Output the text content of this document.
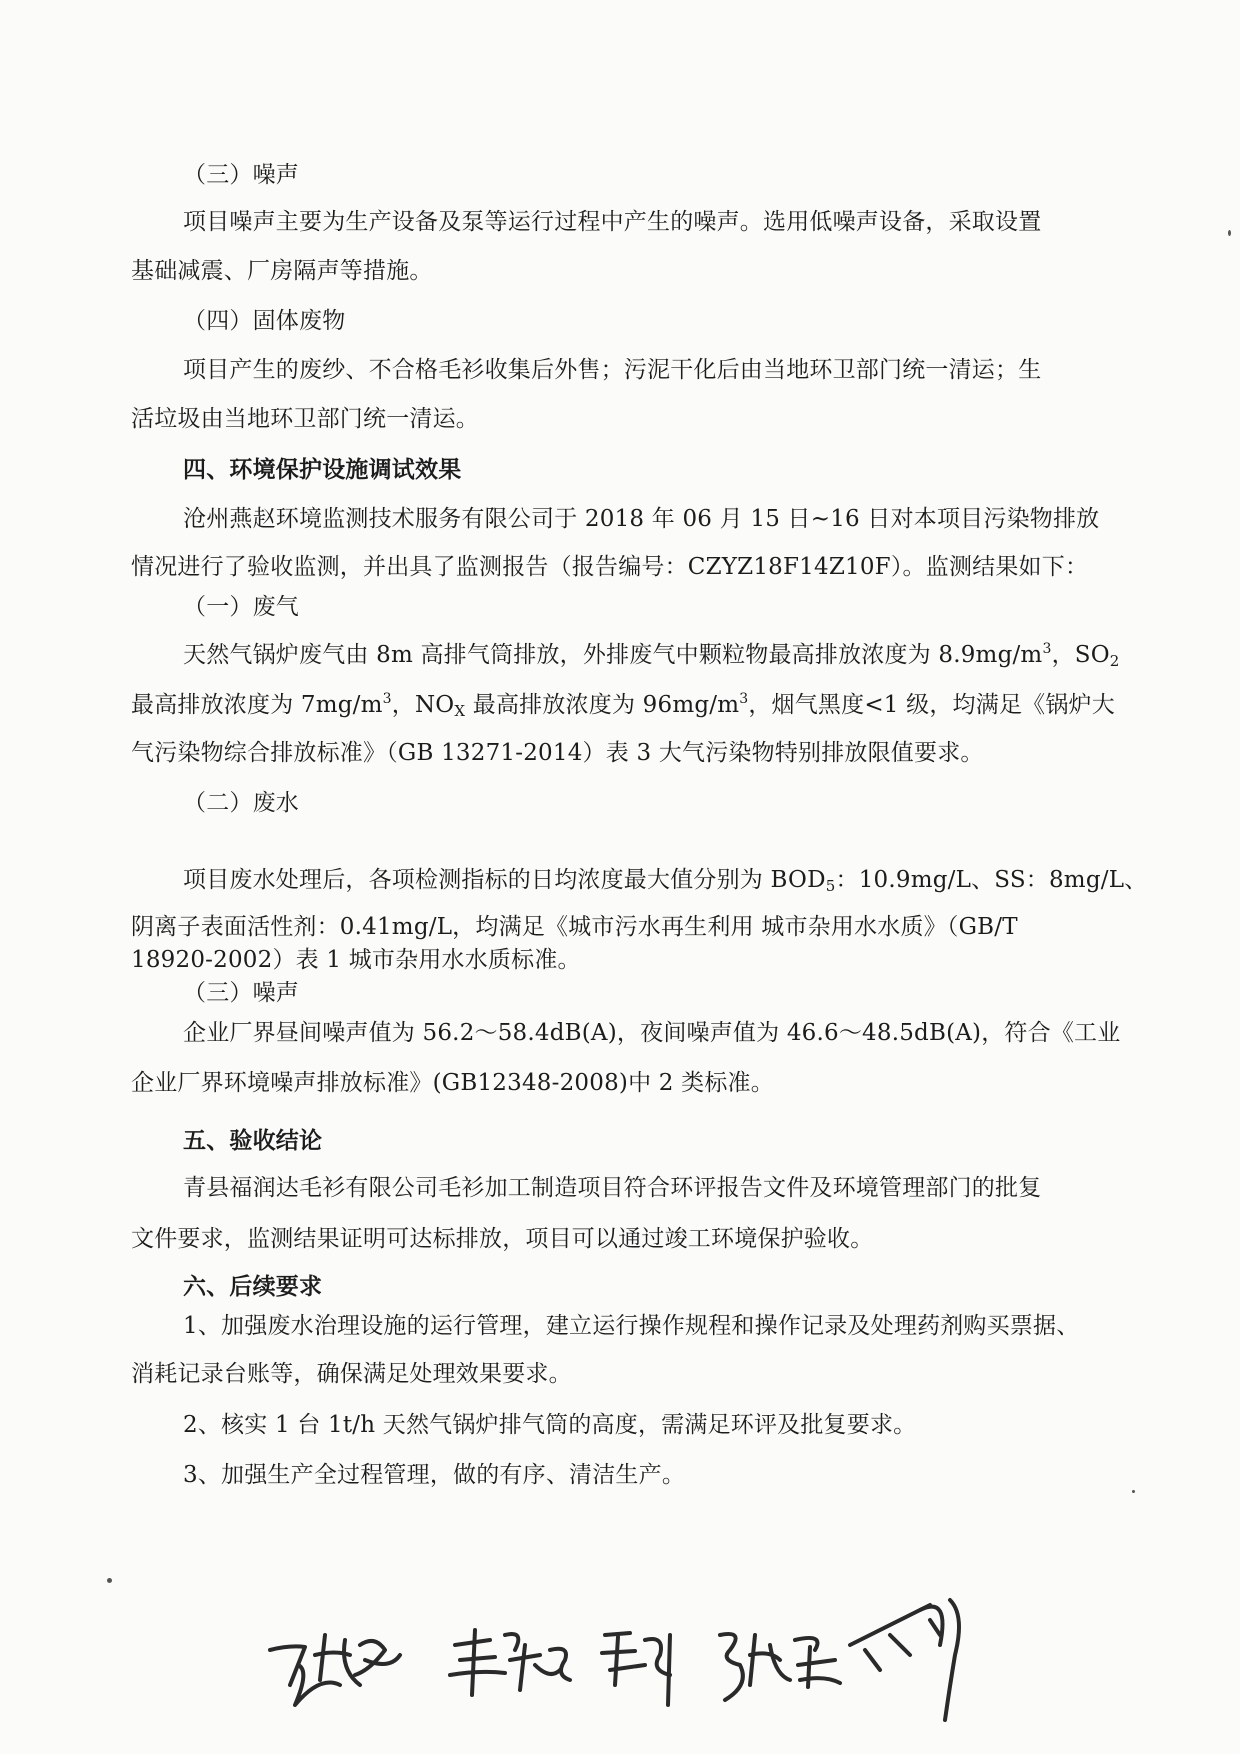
（三）噪声
项目噪声主要为生产设备及泵等运行过程中产生的噪声。选用低噪声设备，采取设置
基础减震、厂房隔声等措施。
（四）固体废物
项目产生的废纱、不合格毛衫收集后外售；污泥干化后由当地环卫部门统一清运；生
活垃圾由当地环卫部门统一清运。
四、环境保护设施调试效果
沧州燕赵环境监测技术服务有限公司于 2018 年 06 月 15 日~16 日对本项目污染物排放
情况进行了验收监测，并出具了监测报告（报告编号：CZYZ18F14Z10F）。监测结果如下：
（一）废气
天然气锅炉废气由 8m 高排气筒排放，外排废气中颗粒物最高排放浓度为 $8.9mg/m^3$，$SO_2$
最高排放浓度为 $7mg/m^3$，$NO_X$ 最高排放浓度为 $96mg/m^3$，烟气黑度<1 级，均满足《锅炉大
气污染物综合排放标准》（GB 13271-2014）表 3 大气污染物特别排放限值要求。
（二）废水
项目废水处理后，各项检测指标的日均浓度最大值分别为 $BOD_5$：10.9mg/L、SS：8mg/L、
阴离子表面活性剂：0.41mg/L，均满足《城市污水再生利用 城市杂用水水质》（GB/T
18920-2002）表 1 城市杂用水水质标准。
（三）噪声
企业厂界昼间噪声值为 56.2～58.4dB(A)，夜间噪声值为 46.6～48.5dB(A)，符合《工业
企业厂界环境噪声排放标准》(GB12348-2008)中 2 类标准。
五、验收结论
青县福润达毛衫有限公司毛衫加工制造项目符合环评报告文件及环境管理部门的批复
文件要求，监测结果证明可达标排放，项目可以通过竣工环境保护验收。
六、后续要求
1、加强废水治理设施的运行管理，建立运行操作规程和操作记录及处理药剂购买票据、
消耗记录台账等，确保满足处理效果要求。
2、核实 1 台 1t/h 天然气锅炉排气筒的高度，需满足环评及批复要求。
3、加强生产全过程管理，做的有序、清洁生产。
